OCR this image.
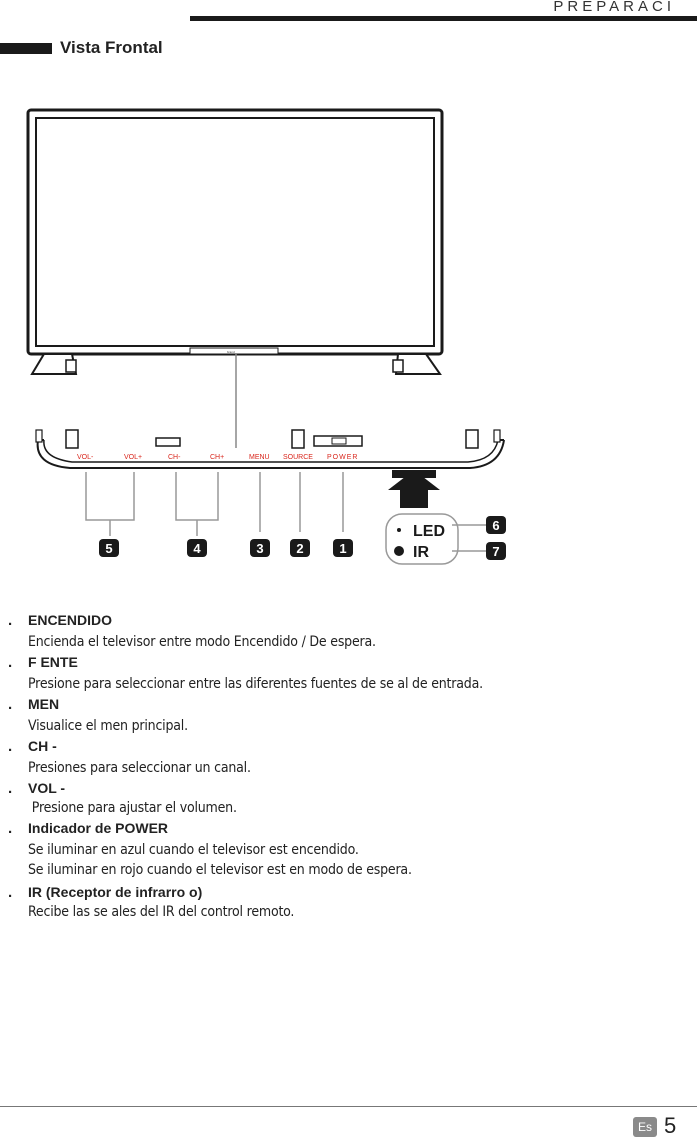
PREPARACI
Vista Frontal
brand
VOL-	VOL+	CH-	CH+	MENU SOURCE POWER
LED
IR
5	4	3	2	1
6
7
. ENCENDIDO
Encienda el televisor entre modo Encendido / De espera.
. F ENTE
Presione para seleccionar entre las diferentes fuentes de se al de entrada.
. MEN
Visualice el men principal.
. CH -
Presiones para seleccionar un canal.
. VOL -
Presione para ajustar el volumen.
. Indicador de POWER
Se iluminar en azul cuando el televisor est encendido.
Se iluminar en rojo cuando el televisor est en modo de espera.
. IR (Receptor de infrarro o)
Recibe las se ales del IR del control remoto.
Es 5
